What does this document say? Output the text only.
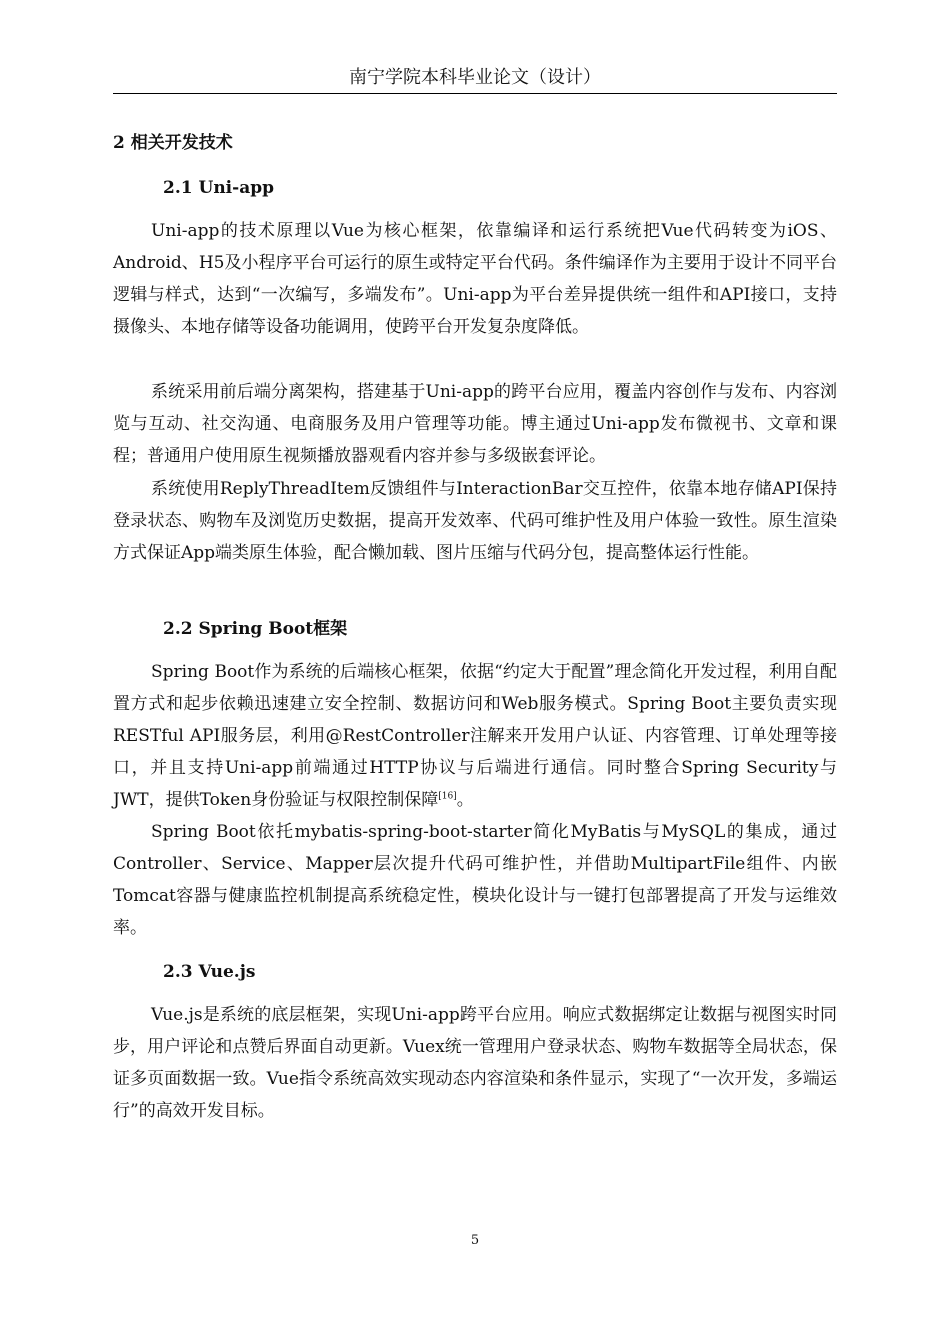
南宁学院本科毕业论文（设计）
2 相关开发技术
2.1 Uni-app

Uni-app的技术原理以Vue为核心框架，依靠编译和运行系统把Vue代码转变为iOS、Android、H5及小程序平台可运行的原生或特定平台代码。条件编译作为主要用于设计不同平台逻辑与样式，达到“一次编写，多端发布”。Uni-app为平台差异提供统一组件和API接口，支持摄像头、本地存储等设备功能调用，使跨平台开发复杂度降低。

系统采用前后端分离架构，搭建基于Uni-app的跨平台应用，覆盖内容创作与发布、内容浏览与互动、社交沟通、电商服务及用户管理等功能。博主通过Uni-app发布微视书、文章和课程；普通用户使用原生视频播放器观看内容并参与多级嵌套评论。

系统使用ReplyThreadItem反馈组件与InteractionBar交互控件，依靠本地存储API保持登录状态、购物车及浏览历史数据，提高开发效率、代码可维护性及用户体验一致性。原生渲染方式保证App端类原生体验，配合懒加载、图片压缩与代码分包，提高整体运行性能。

2.2 Spring Boot框架

Spring Boot作为系统的后端核心框架，依据“约定大于配置”理念简化开发过程，利用自配置方式和起步依赖迅速建立安全控制、数据访问和Web服务模式。Spring Boot主要负责实现RESTful API服务层，利用@RestController注解来开发用户认证、内容管理、订单处理等接口，并且支持Uni-app前端通过HTTP协议与后端进行通信。同时整合Spring Security与JWT，提供Token身份验证与权限控制保障[16]。

Spring Boot依托mybatis-spring-boot-starter简化MyBatis与MySQL的集成，通过Controller、Service、Mapper层次提升代码可维护性，并借助MultipartFile组件、内嵌Tomcat容器与健康监控机制提高系统稳定性，模块化设计与一键打包部署提高了开发与运维效率。

2.3 Vue.js

Vue.js是系统的底层框架，实现Uni-app跨平台应用。响应式数据绑定让数据与视图实时同步，用户评论和点赞后界面自动更新。Vuex统一管理用户登录状态、购物车数据等全局状态，保证多页面数据一致。Vue指令系统高效实现动态内容渲染和条件显示，实现了“一次开发，多端运行”的高效开发目标。

5
